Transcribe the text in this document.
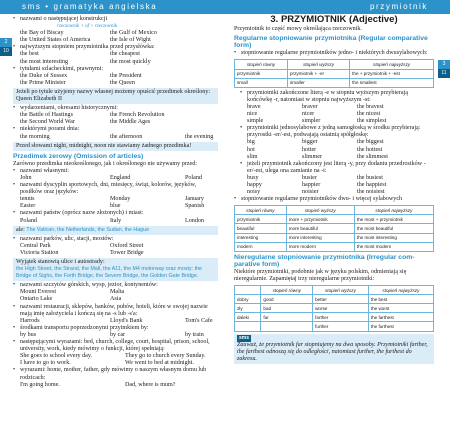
sms • gramatyka angielska	przymiotnik
2
10
3
11
• nazwami o następującej konstrukcji
rzeczownik + of + rzeczownik
the Bay of Biscay	the Gulf of Mexico
the United States of America	the Isle of Wight
• najwyższym stopniem przymiotnika przed przysłówka:
the best	the cheapest
the most interesting	the most quickly
• tytułami szlacheckimi, prawnymi:
the Duke of Sussex	the President
the Prime Minister	the Queen
Jeżeli po tytule użyjemy nazwy własnej możemy opuścić przedimek określony:
Queen Elizabeth II
• wydarzeniami, okresami historycznymi:
the Battle of Hastings	the French Revolution
the Second World War	the Middle Ages
• niektórymi porami dnia:
the morning	the afternoon	the evening
Przed słowami night, midnight, noon nie stawiamy żadnego przedimka!
Przedimek zerowy (Omission of articles)
Zarówno przedimka nieokreślonego, jak i określonego nie używamy przed:
• nazwami własnymi:
John	England	Poland
• nazwami dyscyplin sportowych, dni, miesięcy, świąt, kolorów, języków, posiłków oraz języków:
tennis	Monday	January
Easter	blue	Spanish
• nazwami państw (oprócz nazw złożonych) i miast:
Poland	Italy	London
ale: The Vatican, the Netherlands, the Sudan, the Hague
• nazwami parków, ulic, stacji, mostów:
Central Park	Oxford Street
Victoria Station	Tower Bridge
Wyjątek stanowią ulice i autostrady:
the High Street, the Strand, the Mall, the A11, the M4 motorway oraz mosty: the Bridge of Sighs, the Forth Bridge, the Severn Bridge, the Golden Gate Bridge.
• nazwami szczytów górskich, wysp, jezior, kontynentów:
Mount Everest	Malta
Ontario Lake	Asia
• nazwami restauracji, sklepów, banków, pubów, hoteli, które w swojej nazwie mają imię założyciela i kończą się na -s lub -s'a:
Harrods	Lloyd's Bank	Tom's Cafe
• środkami transportu poprzedzonymi przyimkiem by:
by bus	by car	by train
• następującymi wyrazami: bed, church, college, court, hospital, prison, school, university, work, kiedy mówimy o funkcji, której spełniają:
She goes to school every day.	They go to church every Sunday.
I have to go to work.	We went to bed at midnight.
• wyrazami: home, mother, father, gdy mówimy o naszym własnym domu lub rodzicach:
I'm going home.	Dad, where is mum?
3. PRZYMIOTNIK (Adjective)
Przymiotnik to część mowy określająca rzeczownik.
Regularne stopniowanie przymiotnika (Regular comparative form)
• stopniowanie regularne przymiotników jedno- i niektórych dwusylabowych:
stopień równy	stopień wyższy	stopień najwyższy
przymiotnik	przymiotnik + -er	the + przymiotnik + -est
small	smaller	the smallest
• przymiotniki zakończone literą -e w stopniu wyższym przybierają końcówkę -r, natomiast w stopniu najwyższym -st:
brave	braver	the bravest
nice	nicer	the nicest
simple	simpler	the simplest
• przymiotniki jednosylabowe z jedną samogłoską w środku przybierają: przyrostki -er/-est, podwajają ostatnią spółgłoskę:
big	bigger	the biggest
hot	hotter	the hottest
slim	slimmer	the slimmest
• jeżeli przymiotnik zakończony jest literą -y, przy dodaniu przedrostków -er/-est, ulega ona zamianie na -i:
busy	busier	the busiest
happy	happier	the happiest
noisy	noisier	the noisiest
• stopniowanie regularne przymiotników dwu- i więcej sylabowych
stopień równy	stopień wyższy	stopień najwyższy
przymiotnik	more + przymiotnik	the most + przymiotnik
beautiful	more beautiful	the most beautiful
interesting	more interesting	the most interesting
modern	more modern	the most modern
Nieregularne stopniowanie przymiotnika (Irregular comparative form)
Niektóre przymiotniki, podobnie jak w języku polskim, odmieniają się nieregularnie. Zapamiętaj trzy nieregularne przymiotniki:
	stopień równy	stopień wyższy	stopień najwyższy
dobry	good	better	the best
zły	bad	worse	the worst
daleki	far	farther	the farthest
		further	the furthest
sms
Zauważ, że przymiotnik far stopniujemy na dwa sposoby. Przymiotniki farther, the farthest odnoszą się do odległości, natomiast further, the furthest do zakresu.
